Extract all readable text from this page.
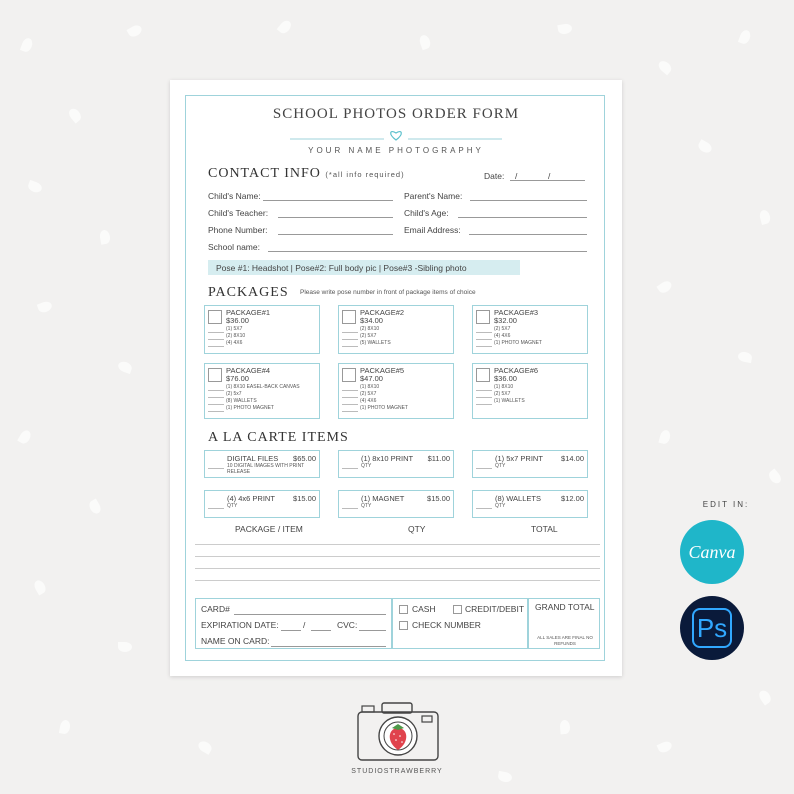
SCHOOL PHOTOS ORDER FORM
YOUR NAME PHOTOGRAPHY
CONTACT INFO (*all info required)	Date: /	/
Child's Name:	Parent's Name:
Child's Teacher:	Child's Age:
Phone Number:	Email Address:
School name:
Pose #1: Headshot | Pose#2: Full body pic | Pose#3 -Sibling photo
PACKAGES Please write pose number in front of package items of choice
PACKAGE#1
$36.00
(1) 5X7
(2) 8X10
(4) 4X6
PACKAGE#2
$34.00
(2) 8X10
(2) 5X7
(5) WALLETS
PACKAGE#3
$32.00
(2) 5X7
(4) 4X6
(1) PHOTO MAGNET
PACKAGE#4
$76.00
(1) 8X10 EASEL-BACK CANVAS
(2) 5x7
(8) WALLETS
(1) PHOTO MAGNET
PACKAGE#5
$47.00
(1) 8X10
(2) 5X7
(4) 4X6
(1) PHOTO MAGNET
PACKAGE#6
$36.00
(1) 8X10
(2) 5X7
(1) WALLETS
A LA CARTE ITEMS
DIGITAL FILES $65.00
10 DIGITAL IMAGES WITH PRINT RELEASE
(1) 8x10 PRINT $11.00
QTY
(1) 5x7 PRINT $14.00
QTY
(4) 4x6 PRINT $15.00
QTY
(1) MAGNET	$15.00
QTY
(8) WALLETS	$12.00
QTY
PACKAGE / ITEM	QTY	TOTAL
CARD#
EXPIRATION DATE:	/	CVC:
NAME ON CARD:
CASH	CREDIT/DEBIT
CHECK NUMBER
GRAND TOTAL
ALL SALES ARE FINAL NO REFUNDS
EDIT IN:
Canva
Ps
STUDIOSTRAWBERRY
